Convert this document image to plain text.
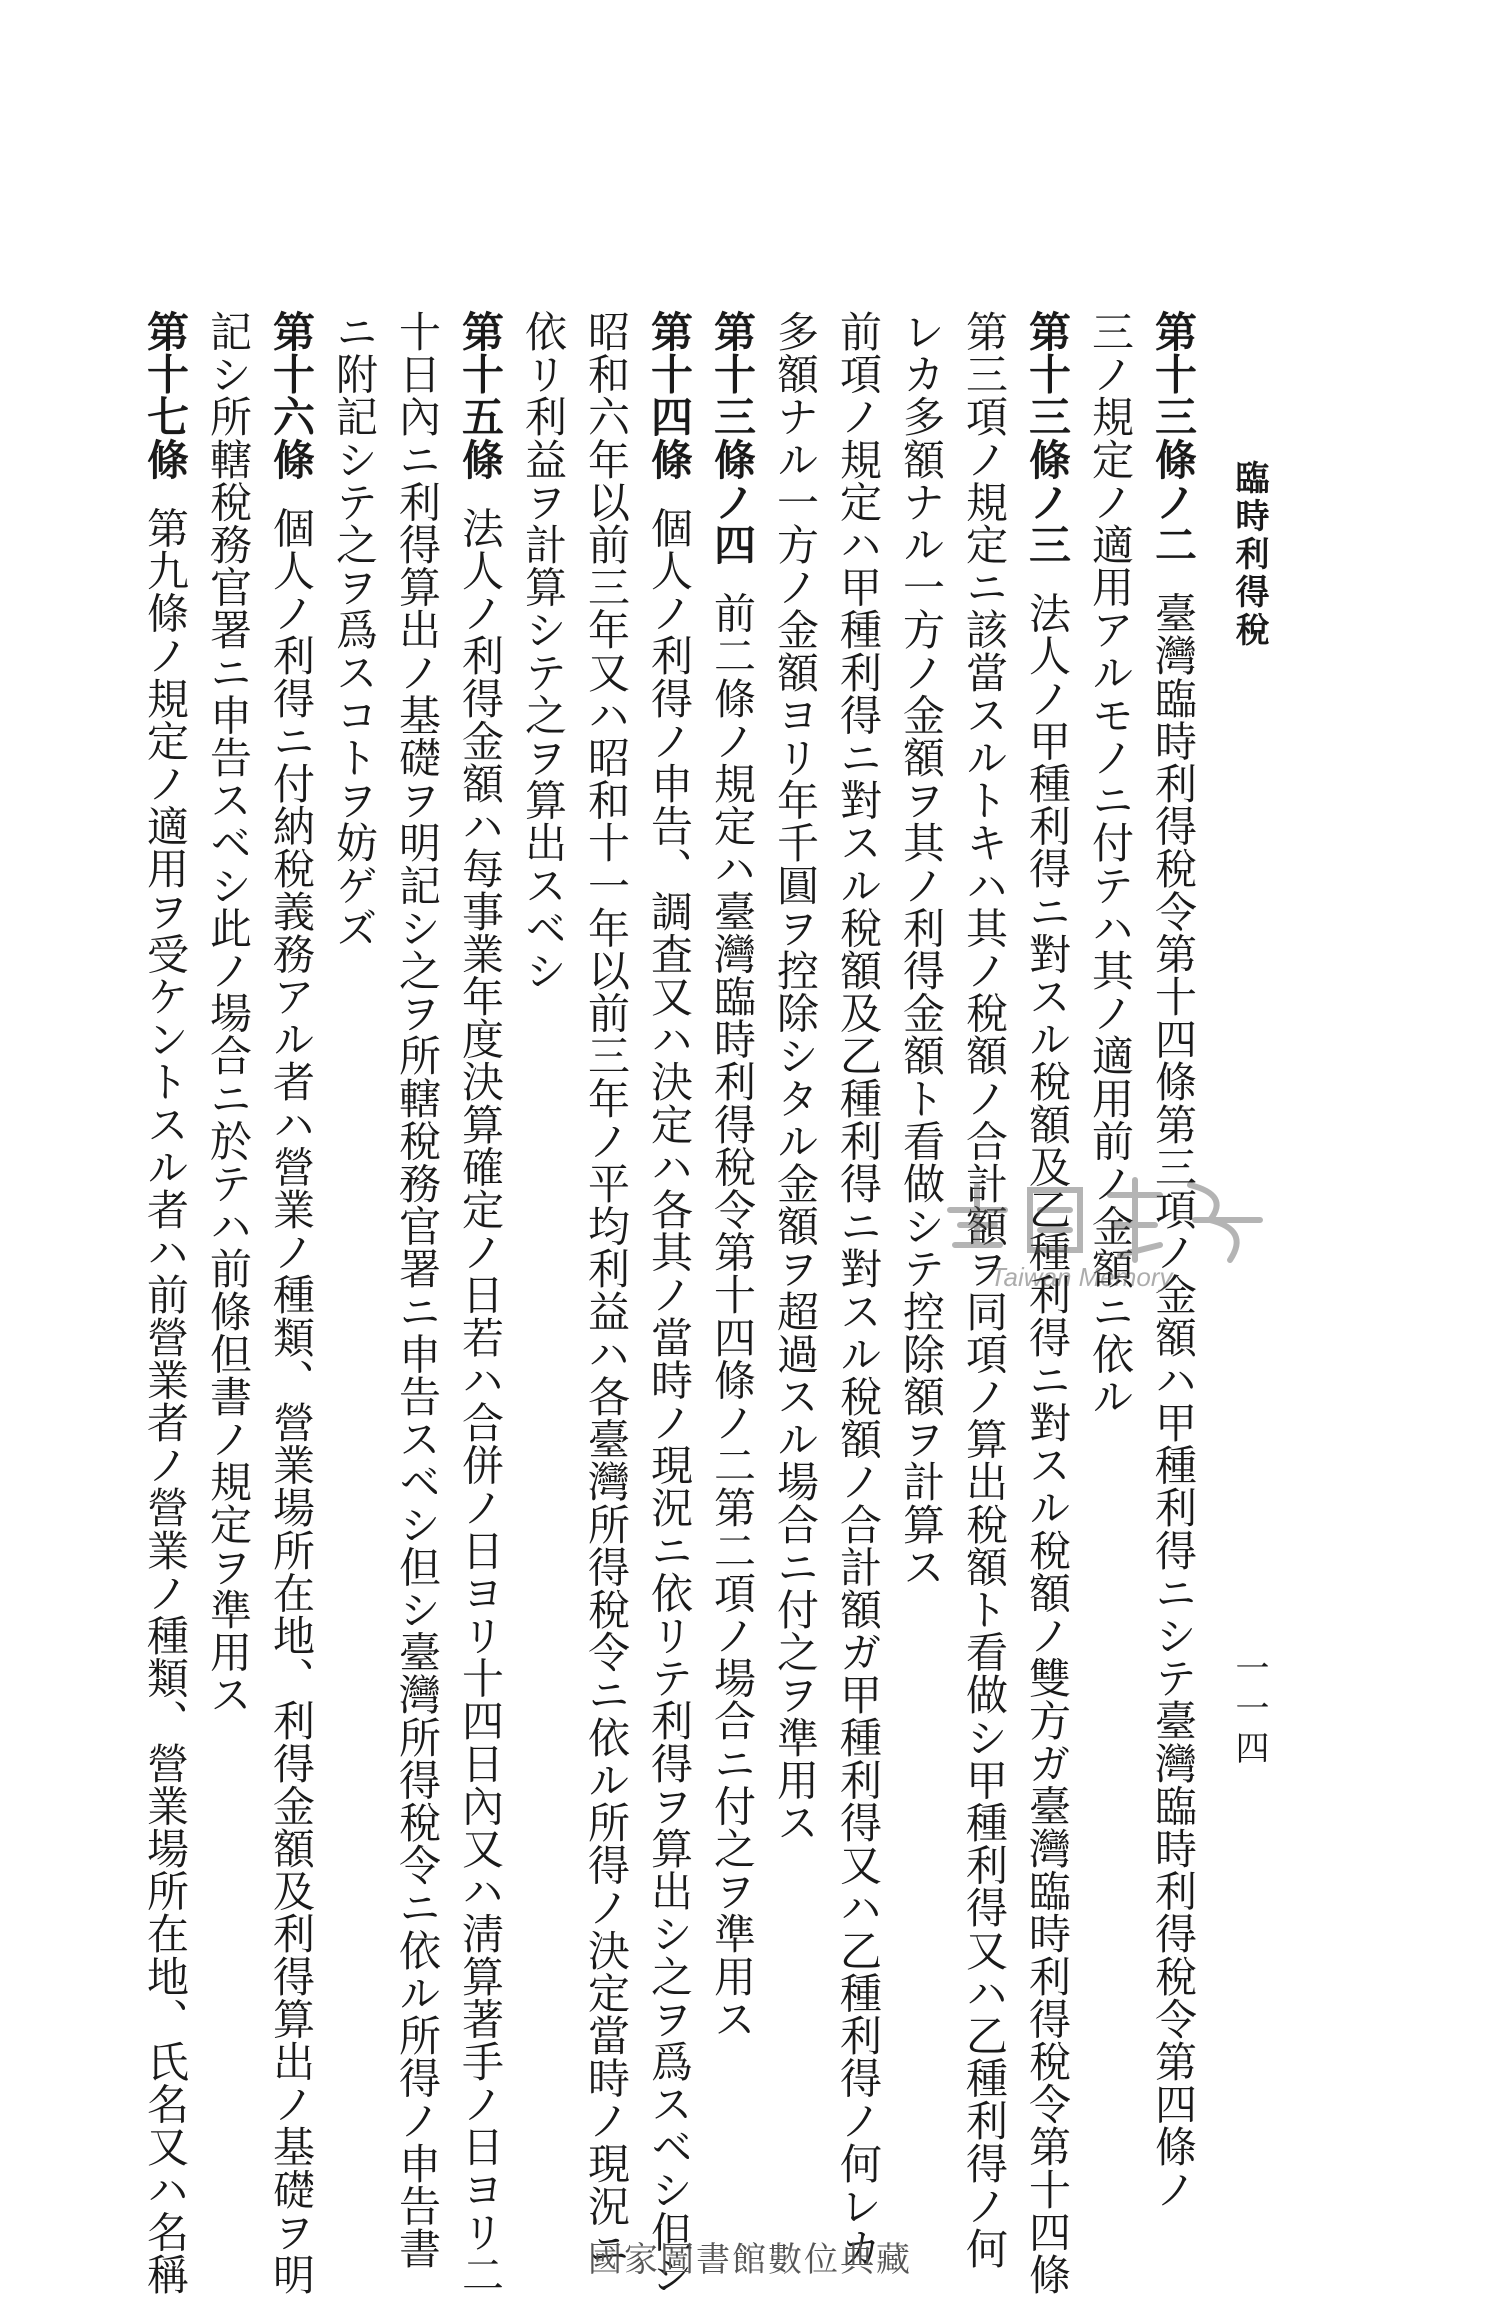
臨時利得稅
一一四
第十三條ノ二臺灣臨時利得稅令第十四條第三項ノ金額ハ甲種利得ニシテ臺灣臨時利得稅令第四條ノ
三ノ規定ノ適用アルモノニ付テハ其ノ適用前ノ金額ニ依ル
第十三條ノ三法人ノ甲種利得ニ對スル稅額及乙種利得ニ對スル稅額ノ雙方ガ臺灣臨時利得稅令第十四條
第三項ノ規定ニ該當スルトキハ其ノ稅額ノ合計額ヲ同項ノ算出稅額ト看做シ甲種利得又ハ乙種利得ノ何
レカ多額ナル一方ノ金額ヲ其ノ利得金額ト看做シテ控除額ヲ計算ス
前項ノ規定ハ甲種利得ニ對スル稅額及乙種利得ニ對スル稅額ノ合計額ガ甲種利得又ハ乙種利得ノ何レカ
多額ナル一方ノ金額ヨリ年千圓ヲ控除シタル金額ヲ超過スル場合ニ付之ヲ準用ス
第十三條ノ四前二條ノ規定ハ臺灣臨時利得稅令第十四條ノ二第二項ノ場合ニ付之ヲ準用ス
第十四條個人ノ利得ノ申告、調査又ハ決定ハ各其ノ當時ノ現況ニ依リテ利得ヲ算出シ之ヲ爲スベシ但シ
昭和六年以前三年又ハ昭和十一年以前三年ノ平均利益ハ各臺灣所得稅令ニ依ル所得ノ決定當時ノ現況ニ
依リ利益ヲ計算シテ之ヲ算出スベシ
第十五條法人ノ利得金額ハ每事業年度決算確定ノ日若ハ合併ノ日ヨリ十四日內又ハ淸算著手ノ日ヨリ二
十日內ニ利得算出ノ基礎ヲ明記シ之ヲ所轄稅務官署ニ申告スベシ但シ臺灣所得稅令ニ依ル所得ノ申告書
ニ附記シテ之ヲ爲スコトヲ妨ゲズ
第十六條個人ノ利得ニ付納稅義務アル者ハ營業ノ種類、營業場所在地、利得金額及利得算出ノ基礎ヲ明
記シ所轄稅務官署ニ申告スベシ此ノ場合ニ於テハ前條但書ノ規定ヲ準用ス
第十七條第九條ノ規定ノ適用ヲ受ケントスル者ハ前營業者ノ營業ノ種類、營業場所在地、氏名又ハ名稱	Taiwan Memory
國家圖書館數位典藏
